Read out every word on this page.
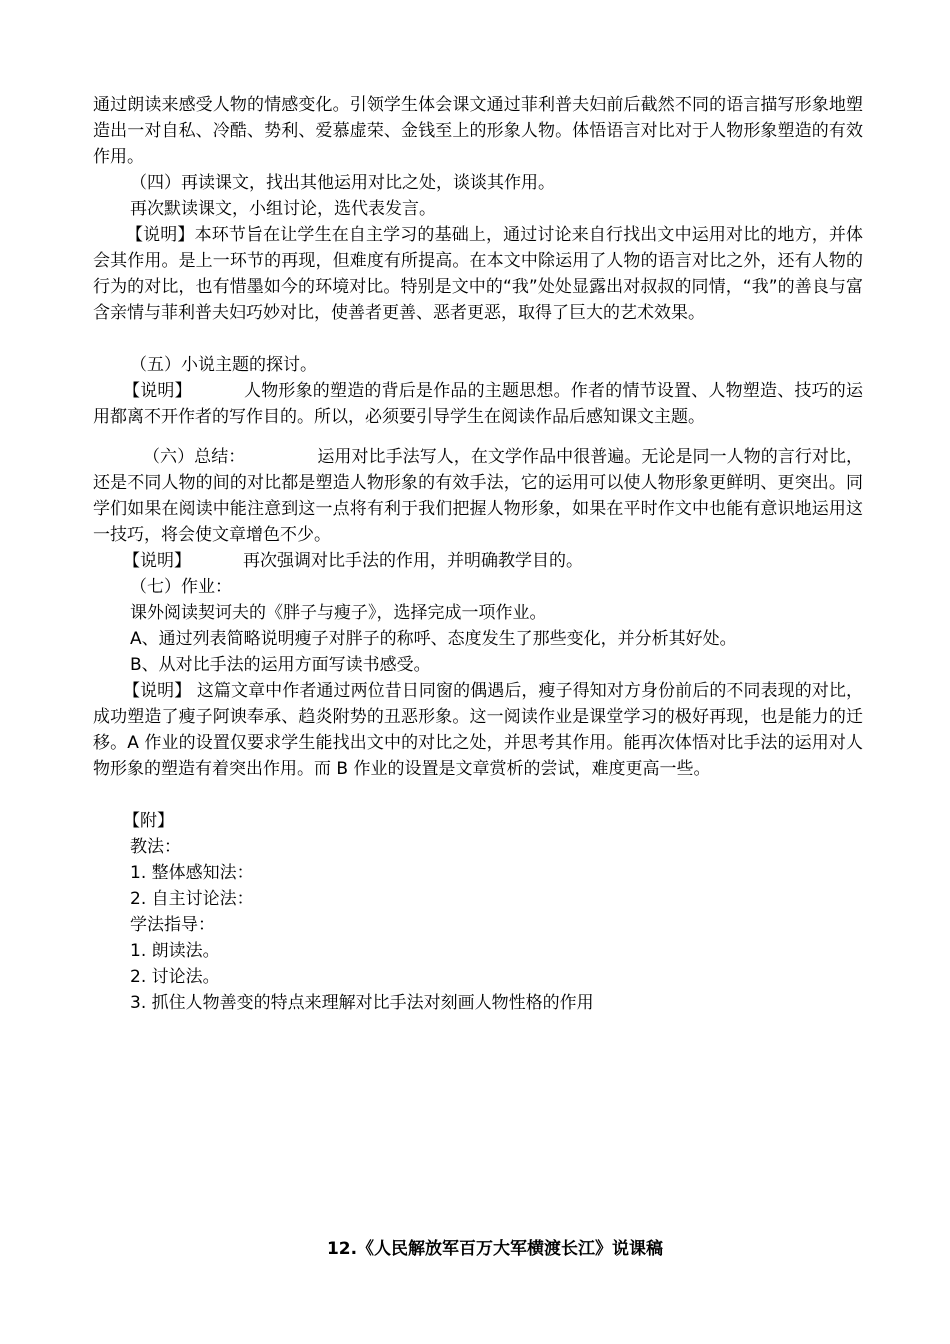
通过朗读来感受人物的情感变化。引领学生体会课文通过菲利普夫妇前后截然不同的语言描写形象地塑造出一对自私、冷酷、势利、爱慕虚荣、金钱至上的形象人物。体悟语言对比对于人物形象塑造的有效作用。

（四）再读课文，找出其他运用对比之处，谈谈其作用。

再次默读课文，小组讨论，选代表发言。

【说明】本环节旨在让学生在自主学习的基础上，通过讨论来自行找出文中运用对比的地方，并体会其作用。是上一环节的再现，但难度有所提高。在本文中除运用了人物的语言对比之外，还有人物的行为的对比，也有惜墨如今的环境对比。特别是文中的“我”处处显露出对叔叔的同情，“我”的善良与富含亲情与菲利普夫妇巧妙对比，使善者更善、恶者更恶，取得了巨大的艺术效果。

（五）小说主题的探讨。

【说明】	人物形象的塑造的背后是作品的主题思想。作者的情节设置、人物塑造、技巧的运用都离不开作者的写作目的。所以，必须要引导学生在阅读作品后感知课文主题。

（六）总结：	运用对比手法写人，在文学作品中很普遍。无论是同一人物的言行对比，还是不同人物的间的对比都是塑造人物形象的有效手法，它的运用可以使人物形象更鲜明、更突出。同学们如果在阅读中能注意到这一点将有利于我们把握人物形象，如果在平时作文中也能有意识地运用这一技巧，将会使文章增色不少。

【说明】	再次强调对比手法的作用，并明确教学目的。

（七）作业：

课外阅读契诃夫的《胖子与瘦子》，选择完成一项作业。

A、通过列表简略说明瘦子对胖子的称呼、态度发生了那些变化，并分析其好处。

B、从对比手法的运用方面写读书感受。

【说明】 这篇文章中作者通过两位昔日同窗的偶遇后，瘦子得知对方身份前后的不同表现的对比，成功塑造了瘦子阿谀奉承、趋炎附势的丑恶形象。这一阅读作业是课堂学习的极好再现，也是能力的迁移。A 作业的设置仅要求学生能找出文中的对比之处，并思考其作用。能再次体悟对比手法的运用对人物形象的塑造有着突出作用。而 B 作业的设置是文章赏析的尝试，难度更高一些。

【附】

教法：

1. 整体感知法：

2. 自主讨论法：

学法指导：

1. 朗读法。

2. 讨论法。

3. 抓住人物善变的特点来理解对比手法对刻画人物性格的作用

12.《人民解放军百万大军横渡长江》说课稿
